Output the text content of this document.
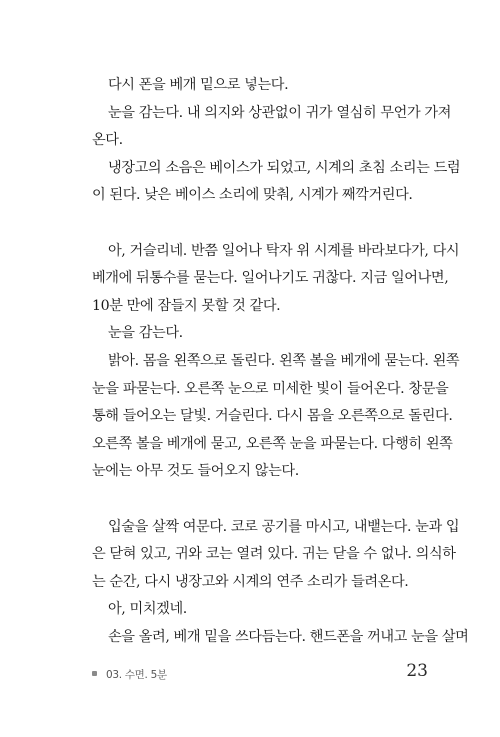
다시 폰을 베개 밑으로 넣는다.

눈을 감는다. 내 의지와 상관없이 귀가 열심히 무언가 가져
온다.

냉장고의 소음은 베이스가 되었고, 시계의 초침 소리는 드럼
이 된다. 낮은 베이스 소리에 맞춰, 시계가 째깍거린다.

아, 거슬리네. 반쯤 일어나 탁자 위 시계를 바라보다가, 다시
베개에 뒤통수를 묻는다. 일어나기도 귀찮다. 지금 일어나면,
10분 만에 잠들지 못할 것 같다.

눈을 감는다.

밝아. 몸을 왼쪽으로 돌린다. 왼쪽 볼을 베개에 묻는다. 왼쪽
눈을 파묻는다. 오른쪽 눈으로 미세한 빛이 들어온다. 창문을
통해 들어오는 달빛. 거슬린다. 다시 몸을 오른쪽으로 돌린다.
오른쪽 볼을 베개에 묻고, 오른쪽 눈을 파묻는다. 다행히 왼쪽
눈에는 아무 것도 들어오지 않는다.

입술을 살짝 여문다. 코로 공기를 마시고, 내뱉는다. 눈과 입
은 닫혀 있고, 귀와 코는 열려 있다. 귀는 닫을 수 없나. 의식하
는 순간, 다시 냉장고와 시계의 연주 소리가 들려온다.

아, 미치겠네.

손을 올려, 베개 밑을 쓰다듬는다. 핸드폰을 꺼내고 눈을 살며

03. 수면. 5분	23
